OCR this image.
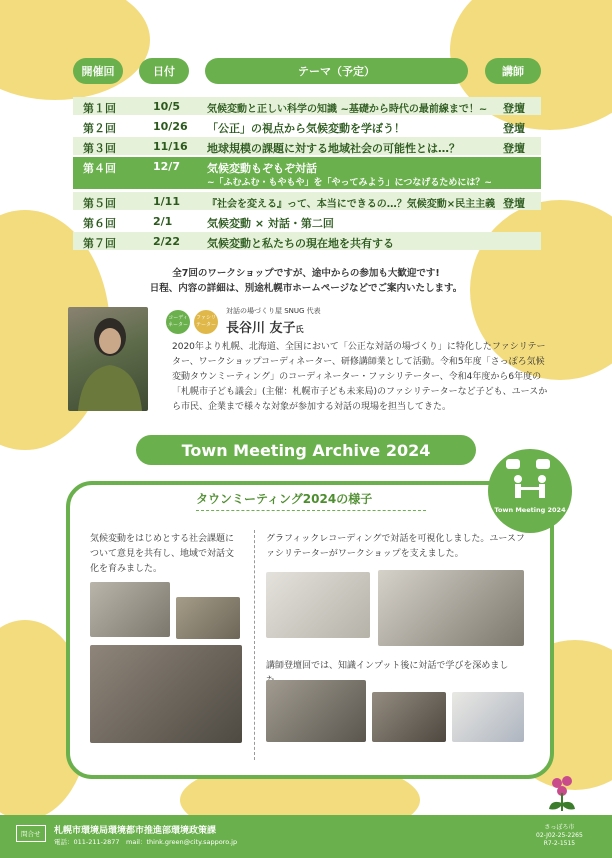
開催回	日付	テーマ（予定）	講師
第１回	10/5	気候変動と正しい科学の知識 ~基礎から時代の最前線まで！~ 登壇
第２回	10/26 「公正」の視点から気候変動を学ぼう！	登壇
第３回	11/16 地球規模の課題に対する地域社会の可能性とは…？	登壇
第４回	12/7 気候変動もぞもぞ対話
~「ふむふむ・もやもや」を「やってみよう」につなげるためには？~
第５回	1/11	『社会を変える』って、本当にできるの…？気候変動×民主主義 登壇
第６回	2/1	気候変動 × 対話・第二回
第７回	2/22 気候変動と私たちの現在地を共有する
全7回のワークショップですが、途中からの参加も大歓迎です!
日程、内容の詳細は、別途札幌市ホームページなどでご案内いたします。
コーディネーター
ファシリテーター
対話の場づくり屋 SNUG 代表
長谷川 友子氏
2020年より札幌、北海道、全国において「公正な対話の場づくり」に特化したファシリテーター、ワークショップコーディネーター、研修講師業として活動。令和5年度「さっぽろ気候変動タウンミーティング」のコーディネーター・ファシリテーター、令和4年度から6年度の「札幌市子ども議会」(主催：札幌市子ども未来局)のファシリテーターなど子ども、ユースから市民、企業まで様々な対象が参加する対話の現場を担当してきた。
Town Meeting Archive 2024
Town Meeting 2024
タウンミーティング2024の様子
気候変動をはじめとする社会課題について意見を共有し、地域で対話文化を育みました。
グラフィックレコーディングで対話を可視化しました。ユースファシリテーターがワークショップを支えました。
講師登壇回では、知識インプット後に対話で学びを深めまし
問合せ	札幌市環境局環境都市推進部環境政策課
電話：011-211-2877　mail：think.green@city.sapporo.jp
さっぽろ市
02-J02-25-2265
R7-2-1515
